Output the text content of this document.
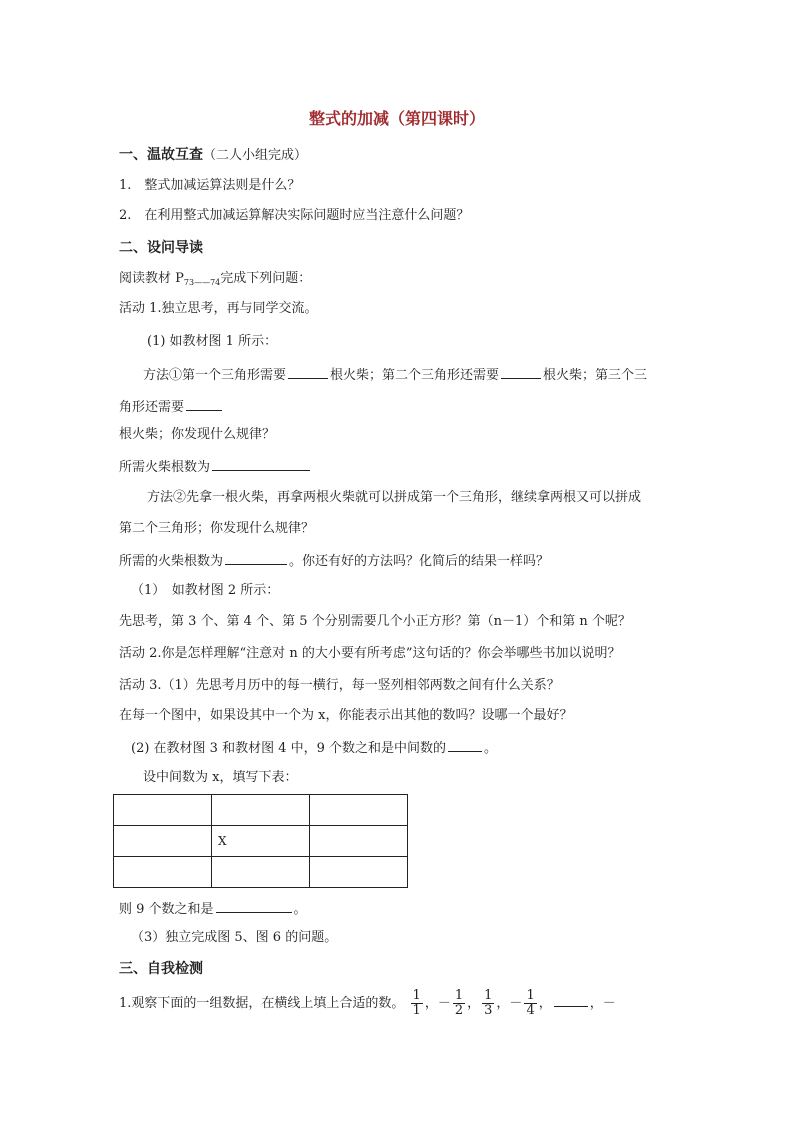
整式的加减（第四课时）
一、温故互查（二人小组完成）
1.　整式加减运算法则是什么？
2.　在利用整式加减运算解决实际问题时应当注意什么问题？
二、设问导读
阅读教材 $P_{73——74}$完成下列问题：
活动 1.独立思考，再与同学交流。
(1) 如教材图 1 所示：
方法①第一个三角形需要	根火柴；第二个三角形还需要	根火柴；第三个三
角形还需要
根火柴；你发现什么规律？
所需火柴根数为
方法②先拿一根火柴，再拿两根火柴就可以拼成第一个三角形，继续拿两根又可以拼成
第二个三角形；你发现什么规律？
所需的火柴根数为	。你还有好的方法吗？化简后的结果一样吗？
（1）　如教材图 2 所示：
先思考，第 3 个、第 4 个、第 5 个分别需要几个小正方形？第（n－1）个和第 n 个呢？
活动 2.你是怎样理解“注意对 n 的大小要有所考虑”这句话的？你会举哪些书加以说明？
活动 3.（1）先思考月历中的每一横行，每一竖列相邻两数之间有什么关系？
在每一个图中，如果设其中一个为 x，你能表示出其他的数吗？设哪一个最好？
(2) 在教材图 3 和教材图 4 中，9 个数之和是中间数的	。
设中间数为 x，填写下表：

	X	

则 9 个数之和是	。
（3）独立完成图 5、图 6 的问题。
三、自我检测
1.观察下面的一组数据，在横线上填上合适的数。 $\frac{1}{1}$ ，－ $\frac{1}{2}$ ， $\frac{1}{3}$ ，－ $\frac{1}{4}$ ，	，－
